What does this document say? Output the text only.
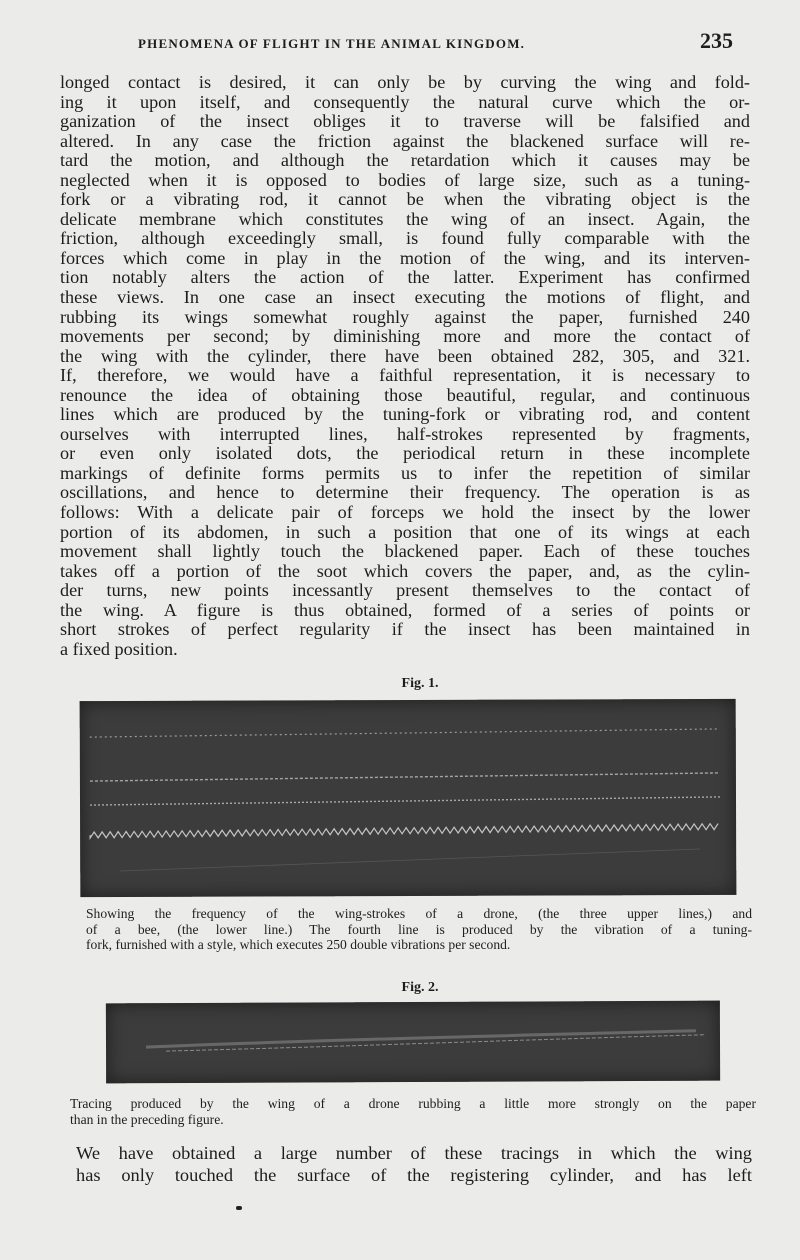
PHENOMENA OF FLIGHT IN THE ANIMAL KINGDOM.	235
longed contact is desired, it can only be by curving the wing and fold-
ing it upon itself, and consequently the natural curve which the or-
ganization of the insect obliges it to traverse will be falsified and
altered. In any case the friction against the blackened surface will re-
tard the motion, and although the retardation which it causes may be
neglected when it is opposed to bodies of large size, such as a tuning-
fork or a vibrating rod, it cannot be when the vibrating object is the
delicate membrane which constitutes the wing of an insect. Again, the
friction, although exceedingly small, is found fully comparable with the
forces which come in play in the motion of the wing, and its interven-
tion notably alters the action of the latter. Experiment has confirmed
these views. In one case an insect executing the motions of flight, and
rubbing its wings somewhat roughly against the paper, furnished 240
movements per second; by diminishing more and more the contact of
the wing with the cylinder, there have been obtained 282, 305, and 321.
If, therefore, we would have a faithful representation, it is necessary to
renounce the idea of obtaining those beautiful, regular, and continuous
lines which are produced by the tuning-fork or vibrating rod, and content
ourselves with interrupted lines, half-strokes represented by fragments,
or even only isolated dots, the periodical return in these incomplete
markings of definite forms permits us to infer the repetition of similar
oscillations, and hence to determine their frequency. The operation is as
follows: With a delicate pair of forceps we hold the insect by the lower
portion of its abdomen, in such a position that one of its wings at each
movement shall lightly touch the blackened paper. Each of these touches
takes off a portion of the soot which covers the paper, and, as the cylin-
der turns, new points incessantly present themselves to the contact of
the wing. A figure is thus obtained, formed of a series of points or
short strokes of perfect regularity if the insect has been maintained in
a fixed position.
Fig. 1.
Showing the frequency of the wing-strokes of a drone, (the three upper lines,) and
of a bee, (the lower line.) The fourth line is produced by the vibration of a tuning-
fork, furnished with a style, which executes 250 double vibrations per second.
Fig. 2.
Tracing produced by the wing of a drone rubbing a little more strongly on the paper
than in the preceding figure.
We have obtained a large number of these tracings in which the wing
has only touched the surface of the registering cylinder, and has left
